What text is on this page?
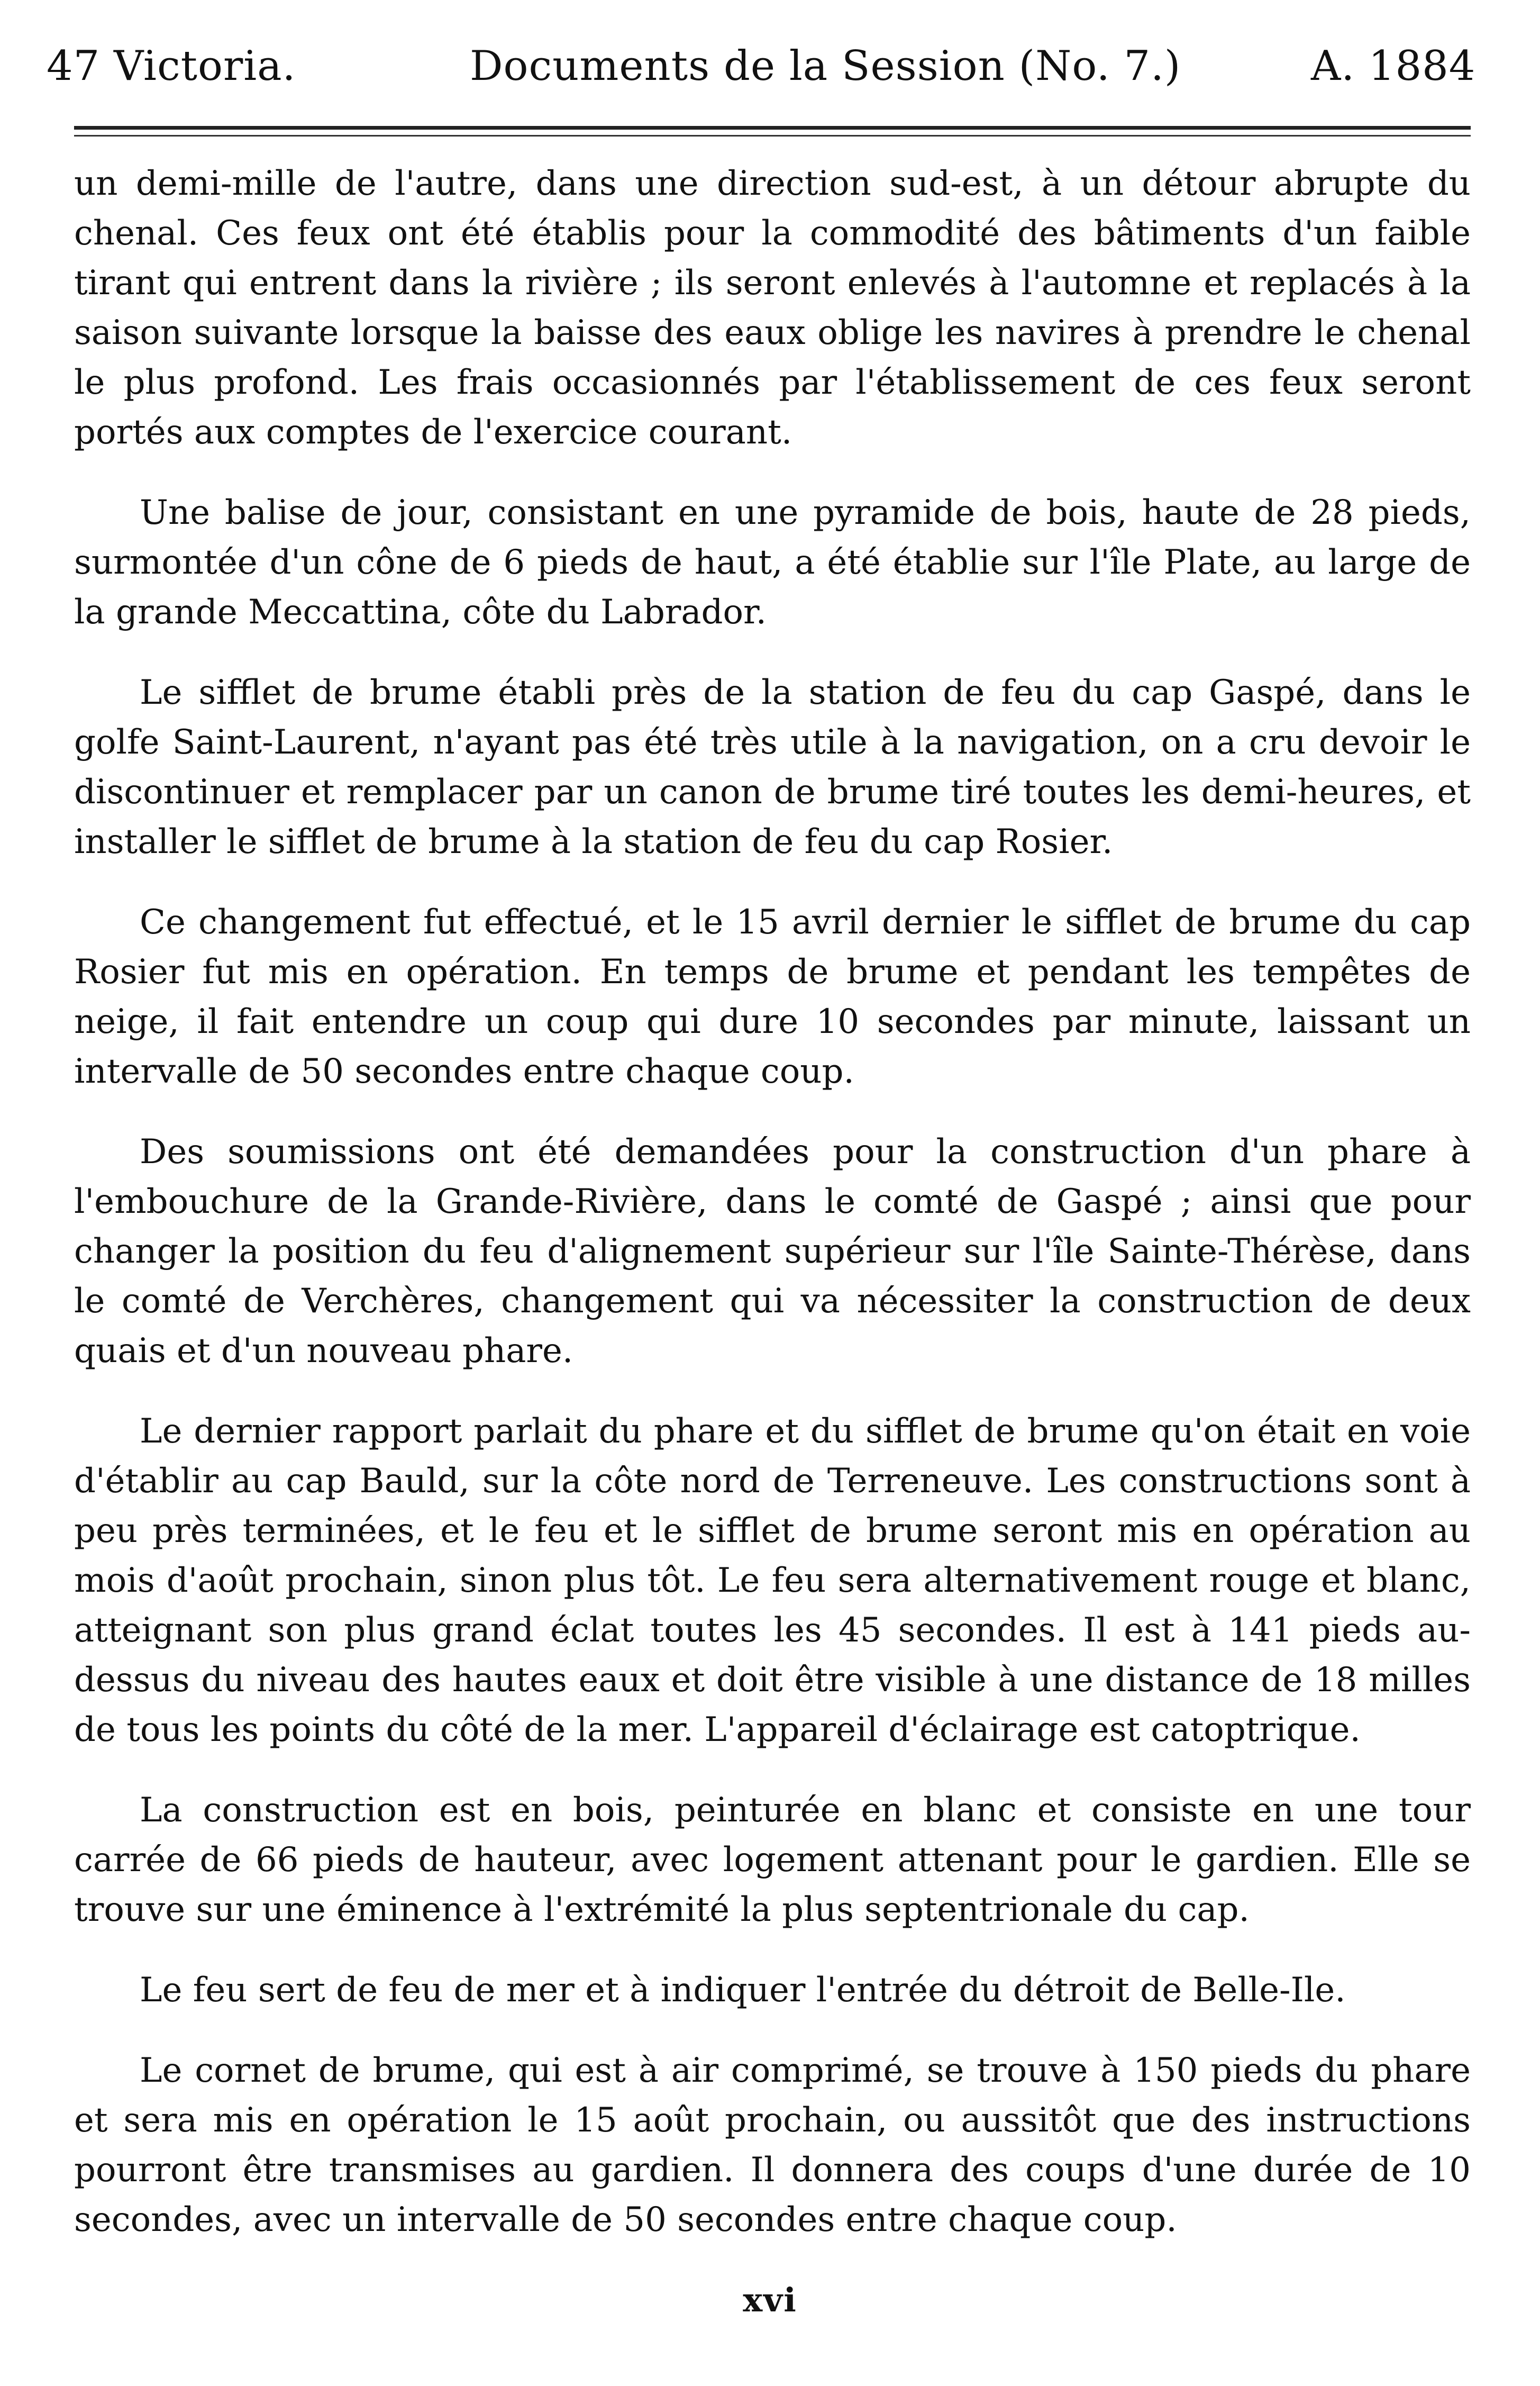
47 Victoria.	Documents de la Session (No. 7.)	A. 1884

un demi-mille de l'autre, dans une direction sud-est, à un détour abrupte du chenal. Ces feux ont été établis pour la commodité des bâtiments d'un faible tirant qui entrent dans la rivière ; ils seront enlevés à l'automne et replacés à la saison suivante lorsque la baisse des eaux oblige les navires à prendre le chenal le plus profond. Les frais occasionnés par l'établissement de ces feux seront portés aux comptes de l'exercice courant.

Une balise de jour, consistant en une pyramide de bois, haute de 28 pieds, surmontée d'un cône de 6 pieds de haut, a été établie sur l'île Plate, au large de la grande Meccattina, côte du Labrador.

Le sifflet de brume établi près de la station de feu du cap Gaspé, dans le golfe Saint-Laurent, n'ayant pas été très utile à la navigation, on a cru devoir le discontinuer et remplacer par un canon de brume tiré toutes les demi-heures, et installer le sifflet de brume à la station de feu du cap Rosier.

Ce changement fut effectué, et le 15 avril dernier le sifflet de brume du cap Rosier fut mis en opération. En temps de brume et pendant les tempêtes de neige, il fait entendre un coup qui dure 10 secondes par minute, laissant un intervalle de 50 secondes entre chaque coup.

Des soumissions ont été demandées pour la construction d'un phare à l'embouchure de la Grande-Rivière, dans le comté de Gaspé ; ainsi que pour changer la position du feu d'alignement supérieur sur l'île Sainte-Thérèse, dans le comté de Verchères, changement qui va nécessiter la construction de deux quais et d'un nouveau phare.

Le dernier rapport parlait du phare et du sifflet de brume qu'on était en voie d'établir au cap Bauld, sur la côte nord de Terreneuve. Les constructions sont à peu près terminées, et le feu et le sifflet de brume seront mis en opération au mois d'août prochain, sinon plus tôt. Le feu sera alternativement rouge et blanc, atteignant son plus grand éclat toutes les 45 secondes. Il est à 141 pieds au-dessus du niveau des hautes eaux et doit être visible à une distance de 18 milles de tous les points du côté de la mer. L'appareil d'éclairage est catoptrique.

La construction est en bois, peinturée en blanc et consiste en une tour carrée de 66 pieds de hauteur, avec logement attenant pour le gardien. Elle se trouve sur une éminence à l'extrémité la plus septentrionale du cap.

Le feu sert de feu de mer et à indiquer l'entrée du détroit de Belle-Ile.

Le cornet de brume, qui est à air comprimé, se trouve à 150 pieds du phare et sera mis en opération le 15 août prochain, ou aussitôt que des instructions pourront être transmises au gardien. Il donnera des coups d'une durée de 10 secondes, avec un intervalle de 50 secondes entre chaque coup.

xvi
